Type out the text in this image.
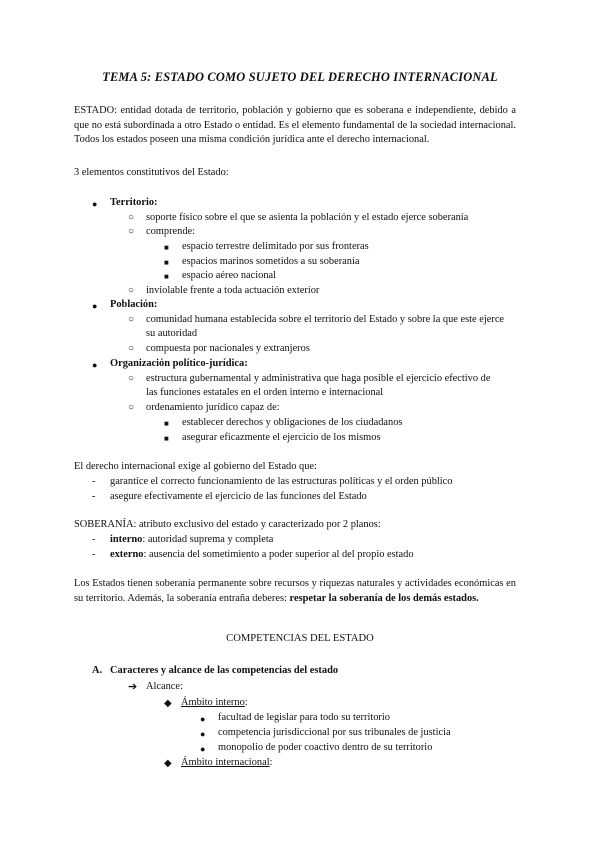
TEMA 5: ESTADO COMO SUJETO DEL DERECHO INTERNACIONAL
ESTADO: entidad dotada de territorio, población y gobierno que es soberana e independiente, debido a que no está subordinada a otro Estado o entidad. Es el elemento fundamental de la sociedad internacional. Todos los estados poseen una misma condición jurídica ante el derecho internacional.
3 elementos constitutivos del Estado:
● Territorio:
○ soporte físico sobre el que se asienta la población y el estado ejerce soberanía
○ comprende:
■ espacio terrestre delimitado por sus fronteras
■ espacios marinos sometidos a su soberanía
■ espacio aéreo nacional
○ inviolable frente a toda actuación exterior
● Población:
○ comunidad humana establecida sobre el territorio del Estado y sobre la que este ejerce
su autoridad
○ compuesta por nacionales y extranjeros
● Organización político-jurídica:
○ estructura gubernamental y administrativa que haga posible el ejercicio efectivo de
las funciones estatales en el orden interno e internacional
○ ordenamiento jurídico capaz de:
■ establecer derechos y obligaciones de los ciudadanos
■ asegurar eficazmente el ejercicio de los mismos
El derecho internacional exige al gobierno del Estado que:
- garantice el correcto funcionamiento de las estructuras políticas y el orden público
- asegure efectivamente el ejercicio de las funciones del Estado
SOBERANÍA: atributo exclusivo del estado y caracterizado por 2 planos:
- interno: autoridad suprema y completa
- externo: ausencia del sometimiento a poder superior al del propio estado
Los Estados tienen soberanía permanente sobre recursos y riquezas naturales y actividades económicas en su territorio. Además, la soberanía entraña deberes: respetar la soberanía de los demás estados.
COMPETENCIAS DEL ESTADO
A. Caracteres y alcance de las competencias del estado
➔ Alcance:
◆ Ámbito interno:
● facultad de legislar para todo su territorio
● competencia jurisdiccional por sus tribunales de justicia
● monopolio de poder coactivo dentro de su territorio
◆ Ámbito internacional:
